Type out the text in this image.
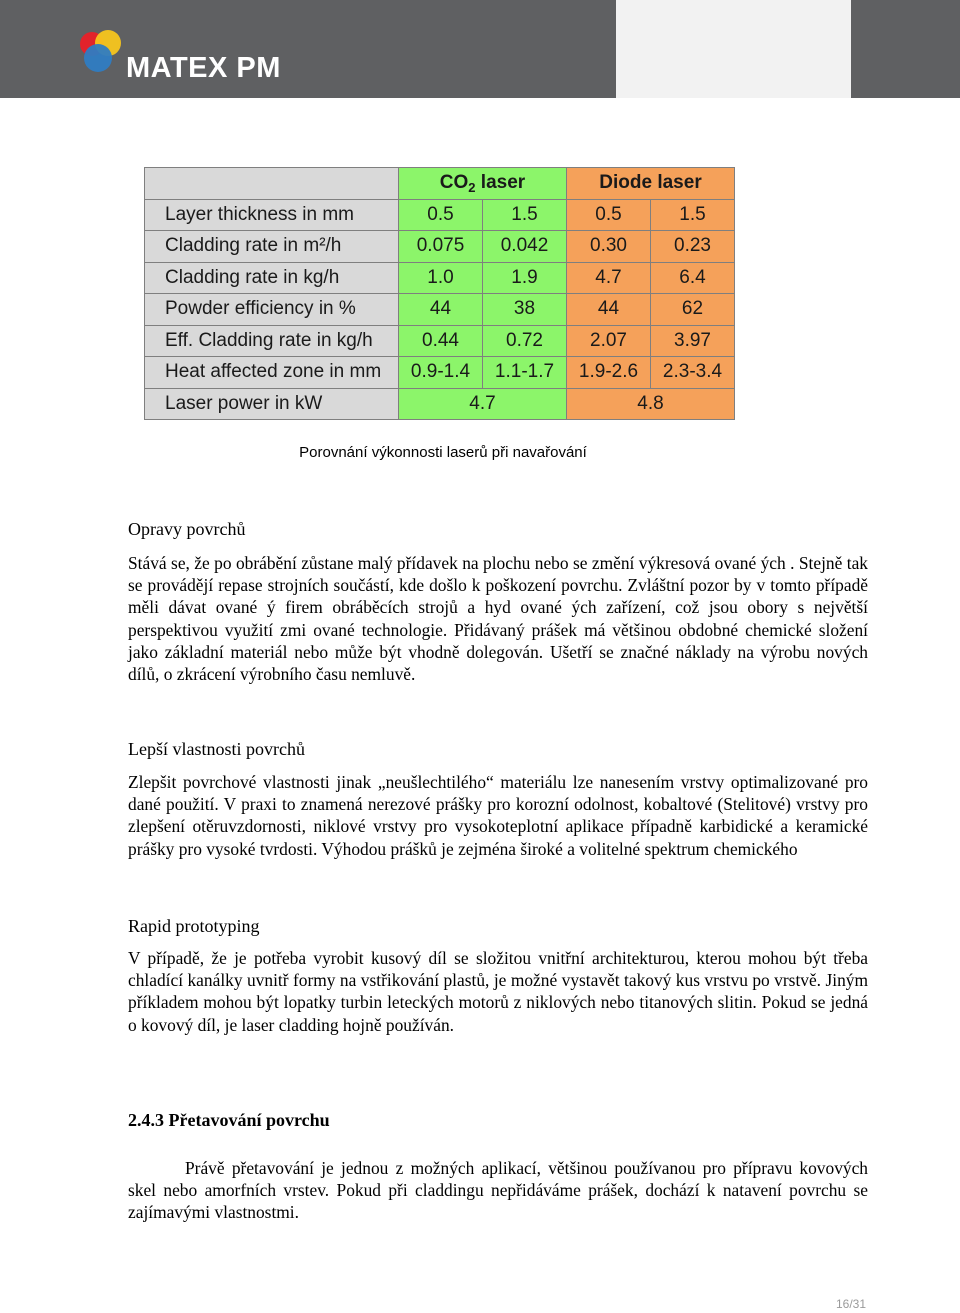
MATEX PM
	$CO_2$ laser		Diode laser	
Layer thickness in mm	0.5	1.5	0.5	1.5
Cladding rate in m²/h	0.075	0.042	0.30	0.23
Cladding rate in kg/h	1.0	1.9	4.7	6.4
Powder efficiency in %	44	38	44	62
Eff. Cladding rate in kg/h	0.44	0.72	2.07	3.97
Heat affected zone in mm	0.9-1.4	1.1-1.7	1.9-2.6	2.3-3.4
Laser power in kW	4.7		4.8	
Porovnání výkonnosti laserů při navařování
Opravy povrchů

Stává se, že po obrábění zůstane malý přídavek na plochu nebo se změní výkresová ované ých . Stejně tak se provádějí repase strojních součástí, kde došlo k poškození povrchu. Zvláštní pozor by v tomto případě měli dávat ované ý firem obráběcích strojů a hyd ované ých zařízení, což jsou obory s největší perspektivou využití zmi ované technologie. Přidávaný prášek má většinou obdobné chemické složení jako základní materiál nebo může být vhodně dolegován. Ušetří se značné náklady na výrobu nových dílů, o zkrácení výrobního času nemluvě.

Lepší vlastnosti povrchů

Zlepšit povrchové vlastnosti jinak „neušlechtilého“ materiálu lze nanesením vrstvy optimalizované pro dané použití. V praxi to znamená nerezové prášky pro korozní odolnost, kobaltové (Stelitové) vrstvy pro zlepšení otěruvzdornosti, niklové vrstvy pro vysokoteplotní aplikace případně karbidické a keramické prášky pro vysoké tvrdosti. Výhodou prášků je zejména široké a volitelné spektrum chemického

Rapid prototyping

V případě, že je potřeba vyrobit kusový díl se složitou vnitřní architekturou, kterou mohou být třeba chladící kanálky uvnitř formy na vstřikování plastů, je možné vystavět takový kus vrstvu po vrstvě. Jiným příkladem mohou být lopatky turbin leteckých motorů z niklových nebo titanových slitin. Pokud se jedná o kovový díl, je laser cladding hojně používán.

2.4.3 Přetavování povrchu

Právě přetavování je jednou z možných aplikací, většinou používanou pro přípravu kovových skel nebo amorfních vrstev. Pokud při claddingu nepřidáváme prášek, dochází k natavení povrchu se zajímavými vlastnostmi.

16/31
